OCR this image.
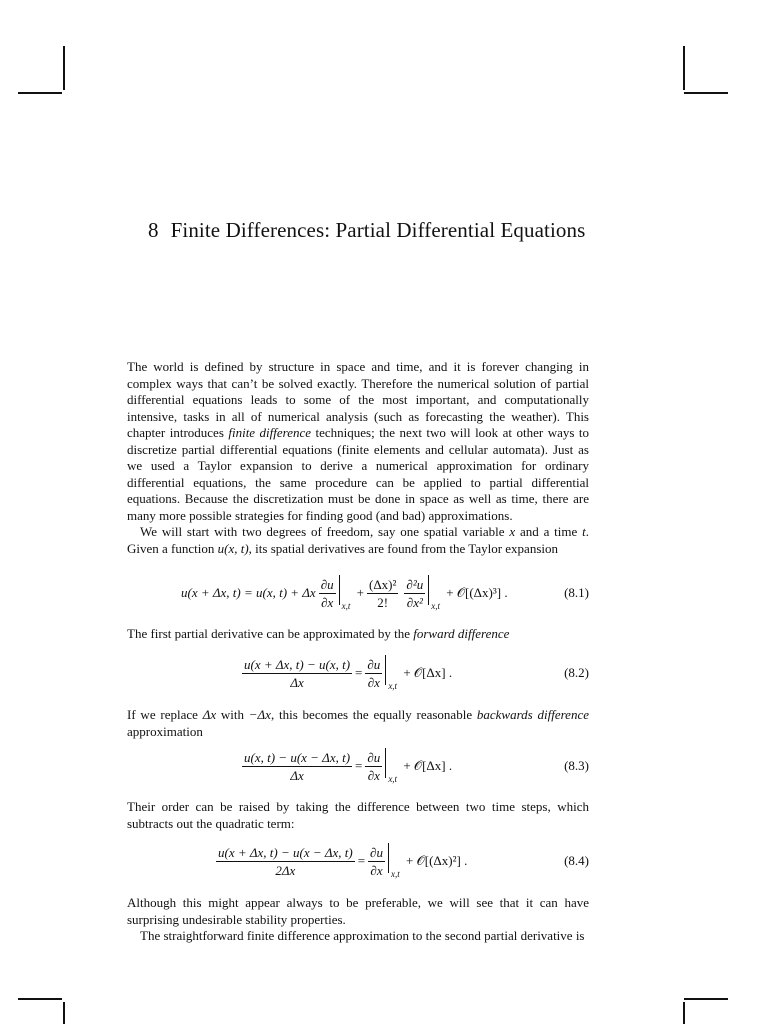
8 Finite Differences: Partial Differential Equations

The world is defined by structure in space and time, and it is forever changing in complex ways that can’t be solved exactly. Therefore the numerical solution of partial differential equations leads to some of the most important, and computationally intensive, tasks in all of numerical analysis (such as forecasting the weather). This chapter introduces finite difference techniques; the next two will look at other ways to discretize partial differential equations (finite elements and cellular automata). Just as we used a Taylor expansion to derive a numerical approximation for ordinary differential equations, the same procedure can be applied to partial differential equations. Because the discretization must be done in space as well as time, there are many more possible strategies for finding good (and bad) approximations.

We will start with two degrees of freedom, say one spatial variable x and a time t. Given a function u(x, t), its spatial derivatives are found from the Taylor expansion

u(x + Δx, t) = u(x, t) + Δx $\frac{\partial u}{\partial x} x,t$
+ $\frac{\text{(Δx)²}}{2!} \frac{\text{∂²u}}{\text{∂x²}} x,t$
+ 𝒪[(Δx)³] .	(8.1)

The first partial derivative can be approximated by the forward difference

$\frac{u(x + \Delta x, t) - u(x, t)}{\Delta x} = \frac{\partial u}{\partial x} x,t$
+ 𝒪[Δx] .	(8.2)

If we replace Δx with −Δx, this becomes the equally reasonable backwards difference approximation

$\frac{u(x, t) - u(x - \Delta x, t)}{\Delta x} = \frac{\partial u}{\partial x} x,t$
+ 𝒪[Δx] .	(8.3)

Their order can be raised by taking the difference between two time steps, which subtracts out the quadratic term:

$\frac{u(x + \Delta x, t) - u(x - \Delta x, t)}{2\Delta x} = \frac{\partial u}{\partial x} x,t$
+ 𝒪[(Δx)²] .	(8.4)

Although this might appear always to be preferable, we will see that it can have surprising undesirable stability properties.

The straightforward finite difference approximation to the second partial derivative is
